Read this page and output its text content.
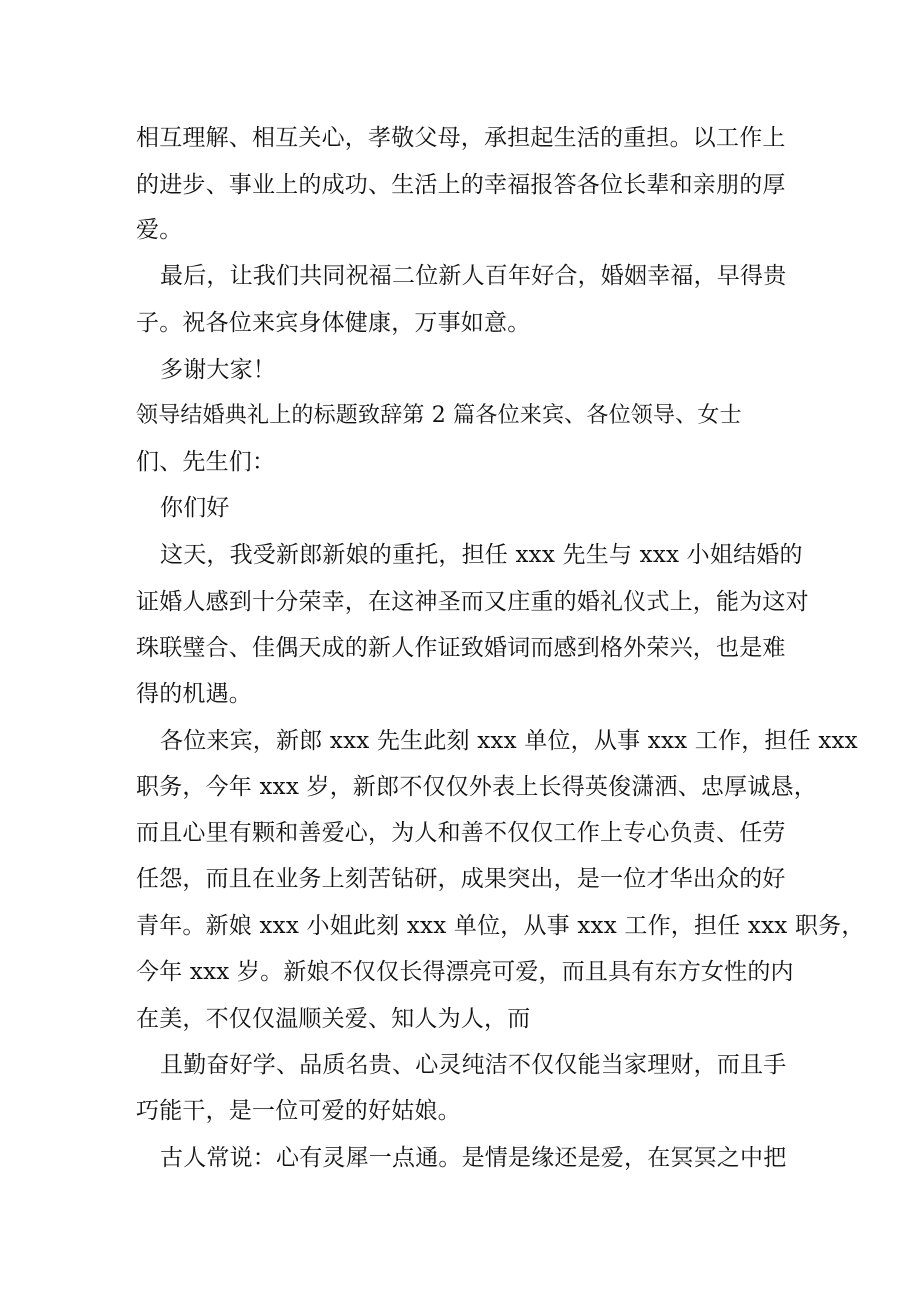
相互理解、相互关心，孝敬父母，承担起生活的重担。以工作上
的进步、事业上的成功、生活上的幸福报答各位长辈和亲朋的厚
爱。
最后，让我们共同祝福二位新人百年好合，婚姻幸福，早得贵
子。祝各位来宾身体健康，万事如意。
多谢大家！
领导结婚典礼上的标题致辞第 2 篇各位来宾、各位领导、女士
们、先生们：
你们好
这天，我受新郎新娘的重托，担任 xxx 先生与 xxx 小姐结婚的
证婚人感到十分荣幸，在这神圣而又庄重的婚礼仪式上，能为这对
珠联璧合、佳偶天成的新人作证致婚词而感到格外荣兴，也是难
得的机遇。
各位来宾，新郎 xxx 先生此刻 xxx 单位，从事 xxx 工作，担任 xxx
职务，今年 xxx 岁，新郎不仅仅外表上长得英俊潇洒、忠厚诚恳，
而且心里有颗和善爱心，为人和善不仅仅工作上专心负责、任劳
任怨，而且在业务上刻苦钻研，成果突出，是一位才华出众的好
青年。新娘 xxx 小姐此刻 xxx 单位，从事 xxx 工作，担任 xxx 职务，
今年 xxx 岁。新娘不仅仅长得漂亮可爱，而且具有东方女性的内
在美，不仅仅温顺关爱、知人为人，而
且勤奋好学、品质名贵、心灵纯洁不仅仅能当家理财，而且手
巧能干，是一位可爱的好姑娘。
古人常说：心有灵犀一点通。是情是缘还是爱，在冥冥之中把
